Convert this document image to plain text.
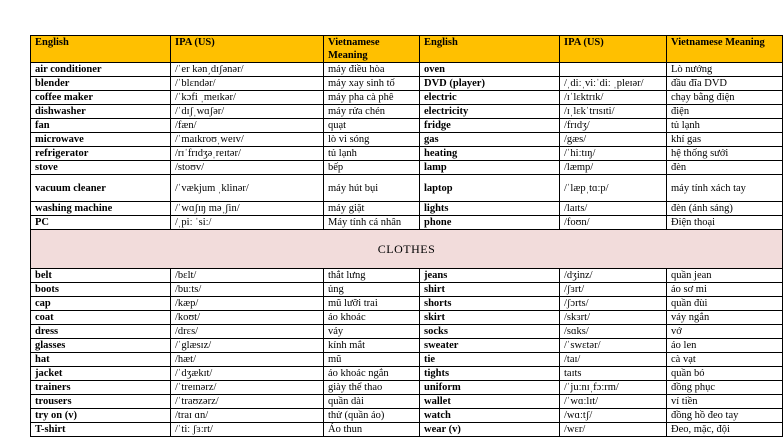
English	IPA (US)	Vietnamese Meaning	English	IPA (US)	Vietnamese Meaning
air conditioner	/ˈer kən͵dɪʃənər/	máy điều hòa	oven		Lò nướng
blender	/ˈblɛndər/	máy xay sinh tố	DVD (player)	/ˌdiːˌviːˈdiː ˌpleɪər/	đầu đĩa DVD
coffee maker	/ˈkɔfi ˌmeɪkər/	máy pha cà phê	electric	/ɪˈlɛktrɪk/	chạy bằng điện
dishwasher	/ˈdɪʃˌwɑʃər/	máy rửa chén	electricity	/ɪˌlɛkˈtrɪsɪti/	điện
fan	/fæn/	quạt	fridge	/frɪdʒ/	tủ lạnh
microwave	/ˈmaɪkroʊˌweɪv/	lò vi sóng	gas	/gæs/	khí gas
refrigerator	/rɪˈfrɪdʒəˌreɪtər/	tủ lạnh	heating	/ˈhiːtɪŋ/	hệ thống sưởi
stove	/stoʊv/	bếp	lamp	/læmp/	đèn
vacuum cleaner	/ˈvækjum ˌklinər/	máy hút bụi	laptop	/ˈlæpˌtɑːp/	máy tính xách tay
washing machine	/ˈwɑʃɪŋ məˌʃin/	máy giặt	lights	/laɪts/	đèn (ánh sáng)
PC	/ˌpiː ˈsiː/	Máy tính cá nhân	phone	/foʊn/	Điện thoại
CLOTHES					
belt	/bɛlt/	thắt lưng	jeans	/dʒinz/	quần jean
boots	/buːts/	ủng	shirt	/ʃɜrt/	áo sơ mi
cap	/kæp/	mũ lưỡi trai	shorts	/ʃɔrts/	quần đùi
coat	/koʊt/	áo khoác	skirt	/skɜrt/	váy ngắn
dress	/drɛs/	váy	socks	/sɑks/	vớ
glasses	/ˈglæsɪz/	kính mắt	sweater	/ˈswɛtər/	áo len
hat	/hæt/	mũ	tie	/taɪ/	cà vạt
jacket	/ˈdʒækɪt/	áo khoác ngắn	tights	taɪts	quần bó
trainers	/ˈtreɪnərz/	giày thể thao	uniform	/ˈjuːnɪˌfɔːrm/	đồng phục
trousers	/ˈtraʊzərz/	quần dài	wallet	/ˈwɑːlɪt/	ví tiền
try on (v)	/traɪ ɑn/	thử (quần áo)	watch	/wɑːtʃ/	đồng hồ đeo tay
T-shirt	/ˈtiː ʃɜːrt/	Áo thun	wear (v)	/wɛr/	Đeo, mặc, đội
